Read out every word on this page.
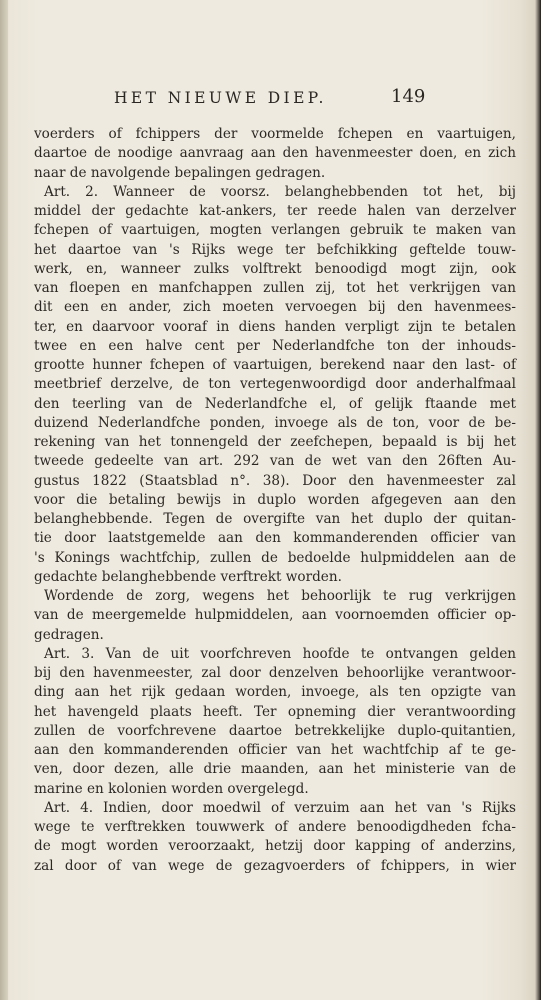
HET NIEUWE DIEP.	149
voerders of fchippers der voormelde fchepen en vaartuigen,
daartoe de noodige aanvraag aan den havenmeester doen, en zich
naar de navolgende bepalingen gedragen.
Art. 2. Wanneer de voorsz. belanghebbenden tot het, bij
middel der gedachte kat-ankers, ter reede halen van derzelver
fchepen of vaartuigen, mogten verlangen gebruik te maken van
het daartoe van 's Rijks wege ter befchikking geftelde touw-
werk, en, wanneer zulks volftrekt benoodigd mogt zijn, ook
van floepen en manfchappen zullen zij, tot het verkrijgen van
dit een en ander, zich moeten vervoegen bij den havenmees-
ter, en daarvoor vooraf in diens handen verpligt zijn te betalen
twee en een halve cent per Nederlandfche ton der inhouds-
grootte hunner fchepen of vaartuigen, berekend naar den last- of
meetbrief derzelve, de ton vertegenwoordigd door anderhalfmaal
den teerling van de Nederlandfche el, of gelijk ftaande met
duizend Nederlandfche ponden, invoege als de ton, voor de be-
rekening van het tonnengeld der zeefchepen, bepaald is bij het
tweede gedeelte van art. 292 van de wet van den 26ften Au-
gustus 1822 (Staatsblad n°. 38). Door den havenmeester zal
voor die betaling bewijs in duplo worden afgegeven aan den
belanghebbende. Tegen de overgifte van het duplo der quitan-
tie door laatstgemelde aan den kommanderenden officier van
's Konings wachtfchip, zullen de bedoelde hulpmiddelen aan de
gedachte belanghebbende verftrekt worden.
Wordende de zorg, wegens het behoorlijk te rug verkrijgen
van de meergemelde hulpmiddelen, aan voornoemden officier op-
gedragen.
Art. 3. Van de uit voorfchreven hoofde te ontvangen gelden
bij den havenmeester, zal door denzelven behoorlijke verantwoor-
ding aan het rijk gedaan worden, invoege, als ten opzigte van
het havengeld plaats heeft. Ter opneming dier verantwoording
zullen de voorfchrevene daartoe betrekkelijke duplo-quitantien,
aan den kommanderenden officier van het wachtfchip af te ge-
ven, door dezen, alle drie maanden, aan het ministerie van de
marine en kolonien worden overgelegd.
Art. 4. Indien, door moedwil of verzuim aan het van 's Rijks
wege te verftrekken touwwerk of andere benoodigdheden fcha-
de mogt worden veroorzaakt, hetzij door kapping of anderzins,
zal door of van wege de gezagvoerders of fchippers, in wier
